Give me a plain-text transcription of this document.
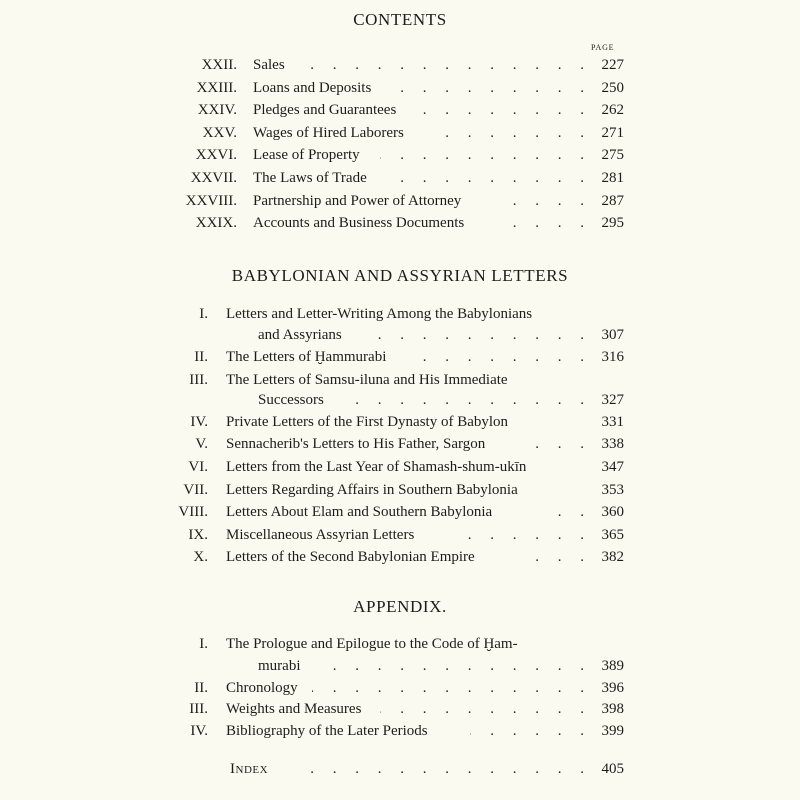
CONTENTS
PAGE
XXII. Sales .	227
XXIII. Loans and Deposits .	250
XXIV. Pledges and Guarantees .	262
XXV. Wages of Hired Laborers .	271
XXVI. Lease of Property .	275
XXVII. The Laws of Trade .	281
XXVIII. Partnership and Power of Attorney .	287
XXIX. Accounts and Business Documents .	295
BABYLONIAN AND ASSYRIAN LETTERS
I. Letters and Letter-Writing Among the Babylonians
and Assyrians .	307
II. The Letters of Ḫammurabi .	316
III. The Letters of Samsu-iluna and His Immediate
Successors .	327
IV. Private Letters of the First Dynasty of Babylon	331
V. Sennacherib's Letters to His Father, Sargon .	338
VI. Letters from the Last Year of Shamash-shum-ukīn	347
VII. Letters Regarding Affairs in Southern Babylonia	353
VIII. Letters About Elam and Southern Babylonia .	360
IX. Miscellaneous Assyrian Letters .	365
X. Letters of the Second Babylonian Empire .	382
APPENDIX.
I. The Prologue and Epilogue to the Code of Ḫam-
murabi .	389
II. Chronology .	396
III. Weights and Measures .	398
IV. Bibliography of the Later Periods .	399
Index .	405
